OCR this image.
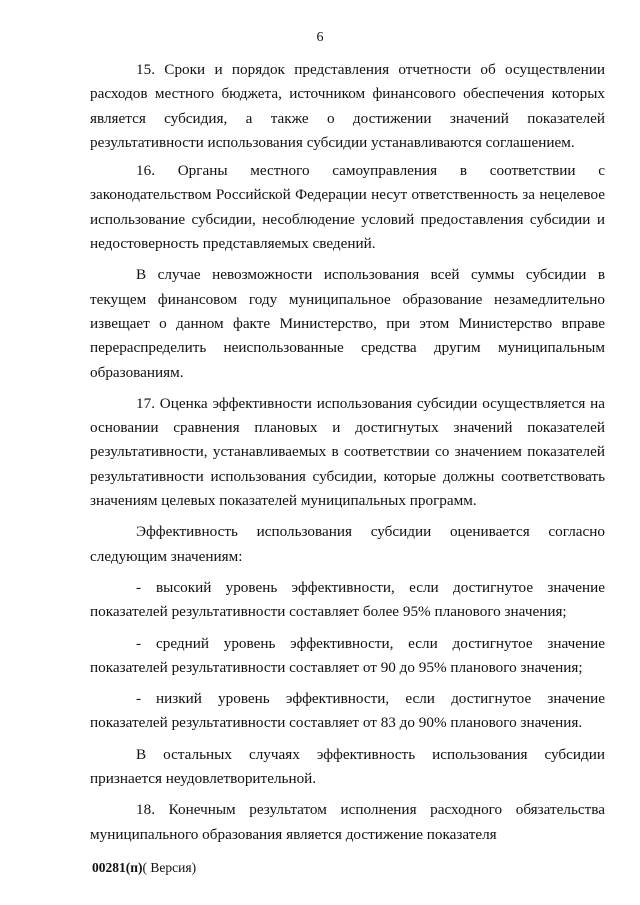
6

15. Сроки и порядок представления отчетности об осуществлении расходов местного бюджета, источником финансового обеспечения которых является субсидия, а также о достижении значений показателей результативности использования субсидии устанавливаются соглашением.

16. Органы местного самоуправления в соответствии с законодательством Российской Федерации несут ответственность за нецелевое использование субсидии, несоблюдение условий предоставления субсидии и недостоверность представляемых сведений.

В случае невозможности использования всей суммы субсидии в текущем финансовом году муниципальное образование незамедлительно извещает о данном факте Министерство, при этом Министерство вправе перераспределить неиспользованные средства другим муниципальным образованиям.

17. Оценка эффективности использования субсидии осуществляется на основании сравнения плановых и достигнутых значений показателей результативности, устанавливаемых в соответствии со значением показателей результативности использования субсидии, которые должны соответствовать значениям целевых показателей муниципальных программ.

Эффективность использования субсидии оценивается согласно следующим значениям:

- высокий уровень эффективности, если достигнутое значение показателей результативности составляет более 95% планового значения;

- средний уровень эффективности, если достигнутое значение показателей результативности составляет от 90 до 95% планового значения;

- низкий уровень эффективности, если достигнутое значение показателей результативности составляет от 83 до 90% планового значения.

В остальных случаях эффективность использования субсидии признается неудовлетворительной.

18. Конечным результатом исполнения расходного обязательства муниципального образования является достижение показателя

00281(п)( Версия)
